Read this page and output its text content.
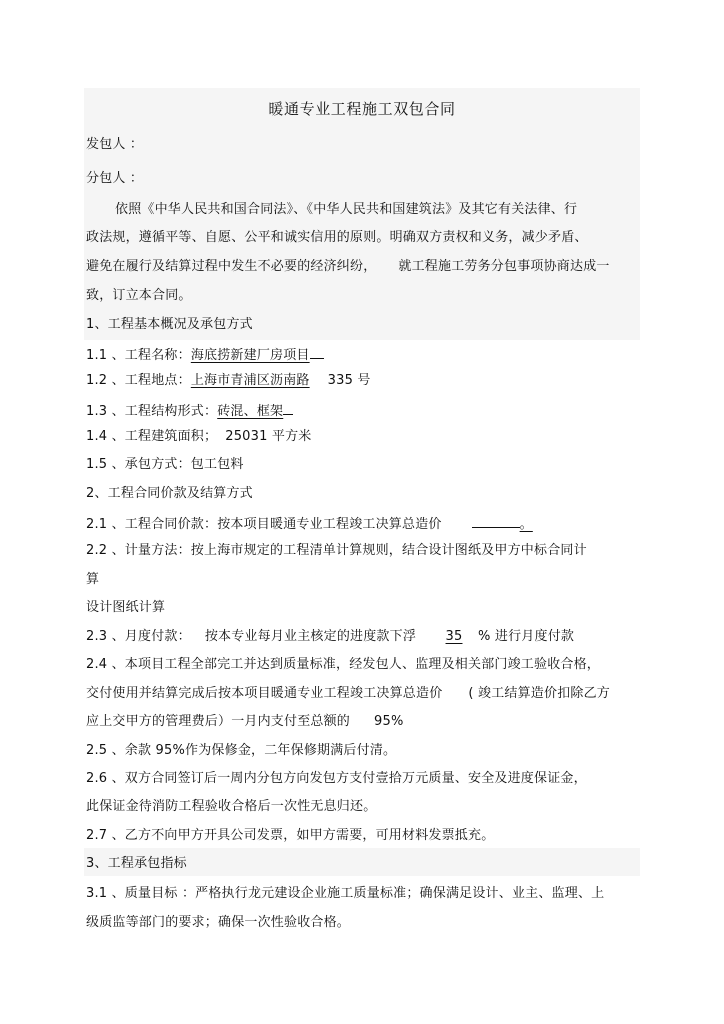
暖通专业工程施工双包合同
发包人 ：
分包人 ：
依照《中华人民共和国合同法》、《中华人民共和国建筑法》及其它有关法律、行
政法规，遵循平等、自愿、公平和诚实信用的原则。明确双方责权和义务，减少矛盾、
避免在履行及结算过程中发生不必要的经济纠纷， 就工程施工劳务分包事项协商达成一
致，订立本合同。
1、工程基本概况及承包方式
1.1 、工程名称：海底捞新建厂房项目
1.2 、工程地点：上海市青浦区沥南路 335 号
1.3 、工程结构形式：砖混、框架
1.4 、工程建筑面积； 25031 平方米
1.5 、承包方式：包工包料
2、工程合同价款及结算方式
2.1 、工程合同价款：按本项目暖通专业工程竣工决算总造价	。
2.2 、计量方法：按上海市规定的工程清单计算规则，结合设计图纸及甲方中标合同计
算
设计图纸计算
2.3 、月度付款： 按本专业每月业主核定的进度款下浮 35 % 进行月度付款
2.4 、本项目工程全部完工并达到质量标准，经发包人、监理及相关部门竣工验收合格，
交付使用并结算完成后按本项目暖通专业工程竣工决算总造价 ( 竣工结算造价扣除乙方
应上交甲方的管理费后）一月内支付至总额的 95%
2.5 、余款 95%作为保修金，二年保修期满后付清。
2.6 、双方合同签订后一周内分包方向发包方支付壹拾万元质量、安全及进度保证金，
此保证金待消防工程验收合格后一次性无息归还。
2.7 、乙方不向甲方开具公司发票，如甲方需要，可用材料发票抵充。
3、工程承包指标
3.1 、质量目标 ：严格执行龙元建设企业施工质量标准；确保满足设计、业主、监理、上
级质监等部门的要求；确保一次性验收合格。
